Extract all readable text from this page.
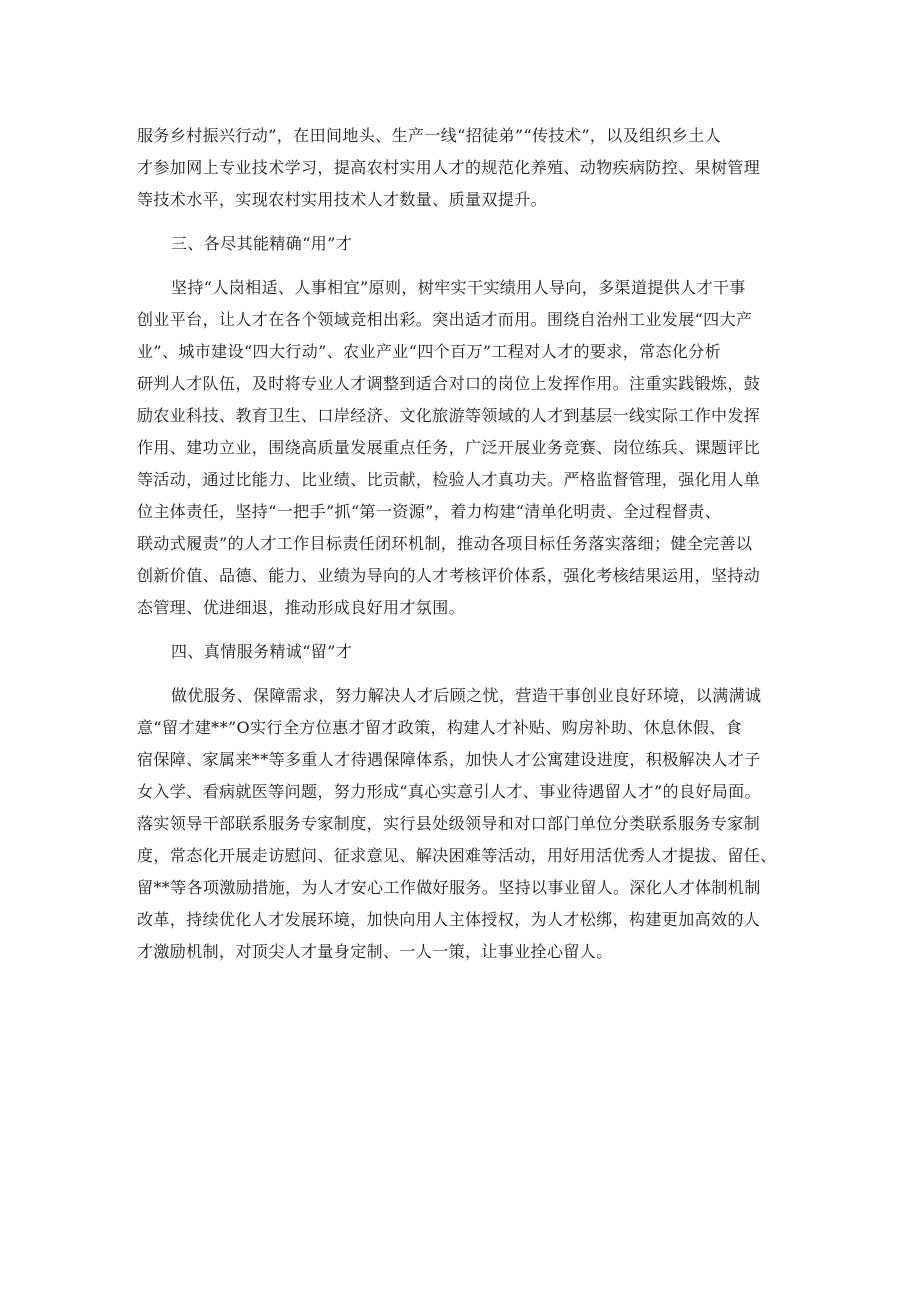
服务乡村振兴行动”，在田间地头、生产一线“招徒弟”“传技术”，以及组织乡土人
才参加网上专业技术学习，提高农村实用人才的规范化养殖、动物疾病防控、果树管理
等技术水平，实现农村实用技术人才数量、质量双提升。
三、各尽其能精确“用”才
坚持“人岗相适、人事相宜”原则，树牢实干实绩用人导向，多渠道提供人才干事
创业平台，让人才在各个领域竞相出彩。突出适才而用。围绕自治州工业发展“四大产
业”、城市建设“四大行动”、农业产业“四个百万”工程对人才的要求，常态化分析
研判人才队伍，及时将专业人才调整到适合对口的岗位上发挥作用。注重实践锻炼，鼓
励农业科技、教育卫生、口岸经济、文化旅游等领域的人才到基层一线实际工作中发挥
作用、建功立业，围绕高质量发展重点任务，广泛开展业务竞赛、岗位练兵、课题评比
等活动，通过比能力、比业绩、比贡献，检验人才真功夫。严格监督管理，强化用人单
位主体责任，坚持“一把手”抓“第一资源”，着力构建“清单化明责、全过程督责、
联动式履责”的人才工作目标责任闭环机制，推动各项目标任务落实落细；健全完善以
创新价值、品德、能力、业绩为导向的人才考核评价体系，强化考核结果运用，坚持动
态管理、优进细退，推动形成良好用才氛围。
四、真情服务精诚“留”才
做优服务、保障需求，努力解决人才后顾之忧，营造干事创业良好环境，以满满诚
意“留才建**”O实行全方位惠才留才政策，构建人才补贴、购房补助、休息休假、食
宿保障、家属来**等多重人才待遇保障体系，加快人才公寓建设进度，积极解决人才子
女入学、看病就医等问题，努力形成“真心实意引人才、事业待遇留人才”的良好局面。
落实领导干部联系服务专家制度，实行县处级领导和对口部门单位分类联系服务专家制
度，常态化开展走访慰问、征求意见、解决困难等活动，用好用活优秀人才提拔、留任、
留**等各项激励措施，为人才安心工作做好服务。坚持以事业留人。深化人才体制机制
改革，持续优化人才发展环境，加快向用人主体授权，为人才松绑，构建更加高效的人
才激励机制，对顶尖人才量身定制、一人一策，让事业拴心留人。
